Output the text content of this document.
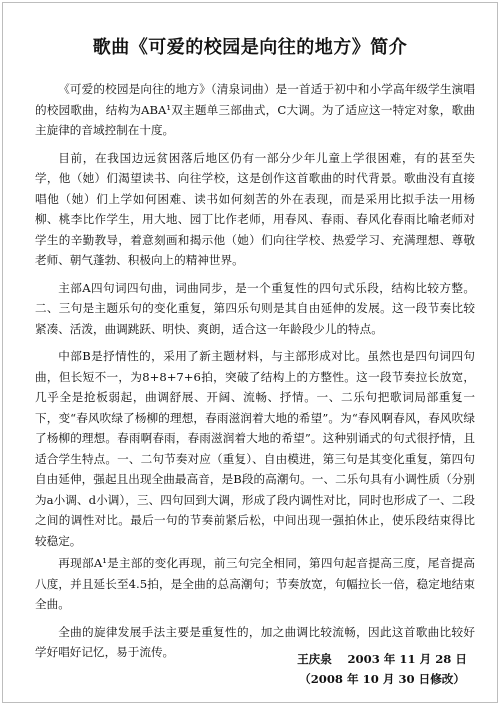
歌曲《可爱的校园是向往的地方》简介

《可爱的校园是向往的地方》（清泉词曲）是一首适于初中和小学高年级学生演唱的校园歌曲，结构为ABA¹双主题单三部曲式，C大调。为了适应这一特定对象，歌曲主旋律的音域控制在十度。

目前，在我国边远贫困落后地区仍有一部分少年儿童上学很困难，有的甚至失学，他（她）们渴望读书、向往学校，这是创作这首歌曲的时代背景。歌曲没有直接唱他（她）们上学如何困难、读书如何刻苦的外在表现，而是采用比拟手法一用杨柳、桃李比作学生，用大地、园丁比作老师，用春风、春雨、春风化春雨比喻老师对学生的辛勤教导，着意刻画和揭示他（她）们向往学校、热爱学习、充满理想、尊敬老师、朝气蓬勃、积极向上的精神世界。

主部A四句词四句曲，词曲同步，是一个重复性的四句式乐段，结构比较方整。二、三句是主题乐句的变化重复，第四乐句则是其自由延伸的发展。这一段节奏比较紧凑、活泼，曲调跳跃、明快、爽朗，适合这一年龄段少儿的特点。

中部B是抒情性的，采用了新主题材料，与主部形成对比。虽然也是四句词四句曲，但长短不一，为8+8+7+6拍，突破了结构上的方整性。这一段节奏拉长放宽，几乎全是抢板弱起，曲调舒展、开阔、流畅、抒情。一、二乐句把歌词局部重复一下，变“春风吹绿了杨柳的理想，春雨滋润着大地的希望”。为“春风啊春风，春风吹绿了杨柳的理想。春雨啊春雨，春雨滋润着大地的希望”。这种别诵式的句式很抒情，且适合学生特点。一、二句节奏对应（重复）、自由模进，第三句是其变化重复，第四句自由延伸，强起且出现全曲最高音，是B段的高潮句。一、二乐句具有小调性质（分别为a小调、d小调），三、四句回到大调，形成了段内调性对比，同时也形成了一、二段之间的调性对比。最后一句的节奏前紧后松，中间出现一强拍休止，使乐段结束得比较稳定。

再现部A¹是主部的变化再现，前三句完全相同，第四句起音提高三度，尾音提高八度，并且延长至4.5拍，是全曲的总高潮句；节奏放宽，句幅拉长一倍，稳定地结束全曲。

全曲的旋律发展手法主要是重复性的，加之曲调比较流畅，因此这首歌曲比较好学好唱好记忆，易于流传。	王庆泉　 2003 年 11 月 28 日
（2008 年 10 月 30 日修改）
